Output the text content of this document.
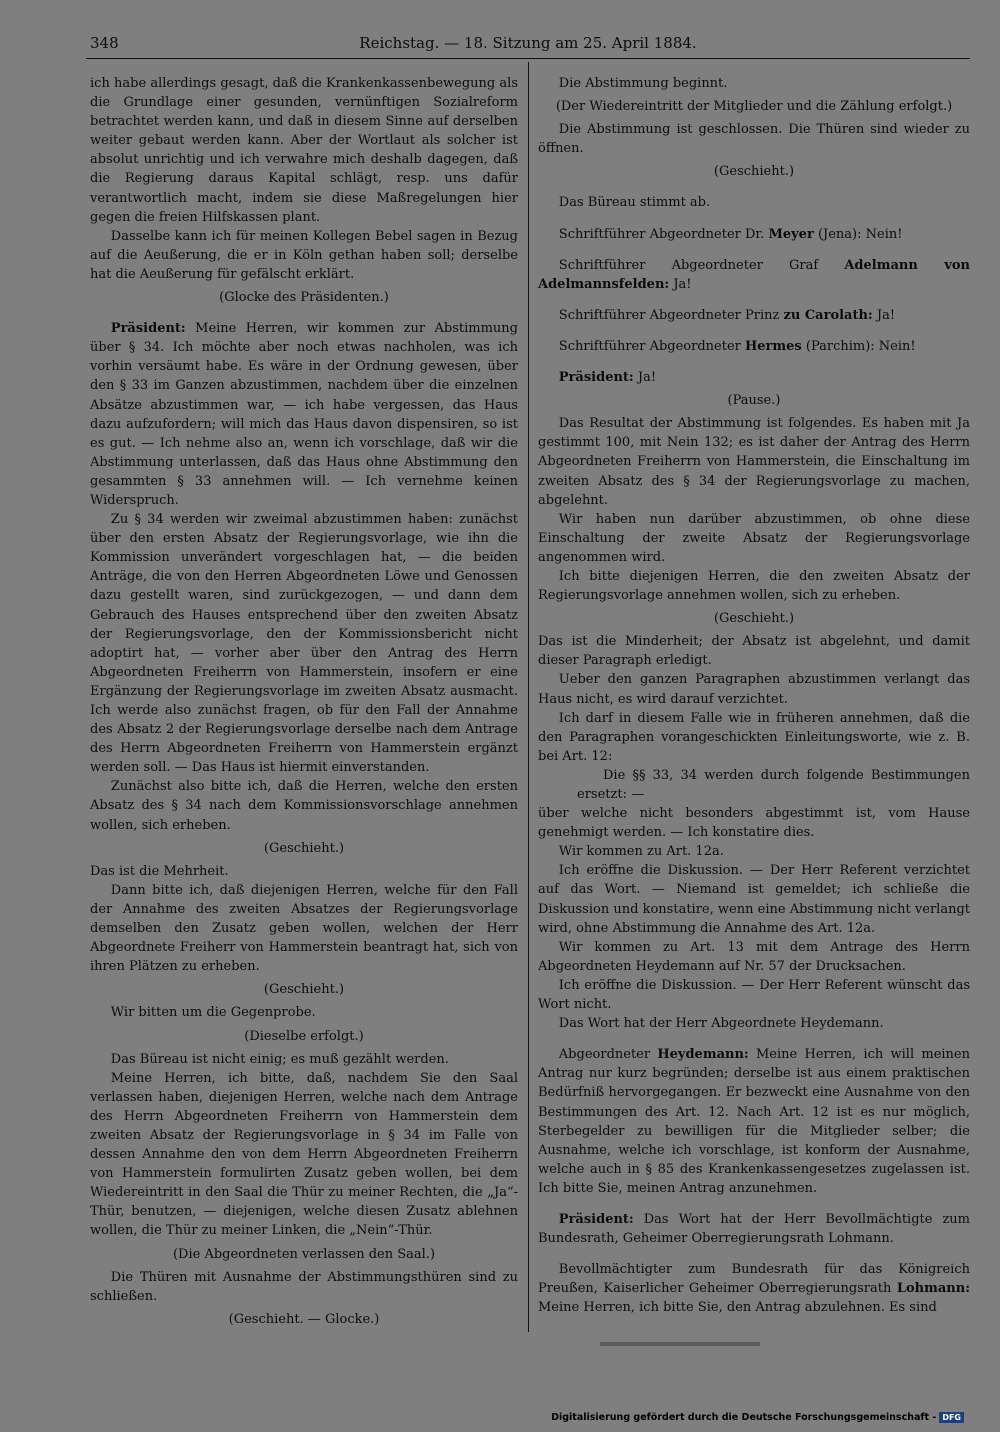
348	Reichstag. — 18. Sitzung am 25. April 1884.

ich habe allerdings gesagt, daß die Krankenkassenbewegung als die Grundlage einer gesunden, vernünftigen Sozialreform betrachtet werden kann, und daß in diesem Sinne auf derselben weiter gebaut werden kann. Aber der Wortlaut als solcher ist absolut unrichtig und ich verwahre mich deshalb dagegen, daß die Regierung daraus Kapital schlägt, resp. uns dafür verantwortlich macht, indem sie diese Maßregelungen hier gegen die freien Hilfskassen plant.

Dasselbe kann ich für meinen Kollegen Bebel sagen in Bezug auf die Aeußerung, die er in Köln gethan haben soll; derselbe hat die Aeußerung für gefälscht erklärt.

(Glocke des Präsidenten.)

Präsident: Meine Herren, wir kommen zur Abstimmung über § 34. Ich möchte aber noch etwas nachholen, was ich vorhin versäumt habe. Es wäre in der Ordnung gewesen, über den § 33 im Ganzen abzustimmen, nachdem über die einzelnen Absätze abzustimmen war, — ich habe vergessen, das Haus dazu aufzufordern; will mich das Haus davon dispensiren, so ist es gut. — Ich nehme also an, wenn ich vorschlage, daß wir die Abstimmung unterlassen, daß das Haus ohne Abstimmung den gesammten § 33 annehmen will. — Ich vernehme keinen Widerspruch.

Zu § 34 werden wir zweimal abzustimmen haben: zunächst über den ersten Absatz der Regierungsvorlage, wie ihn die Kommission unverändert vorgeschlagen hat, — die beiden Anträge, die von den Herren Abgeordneten Löwe und Genossen dazu gestellt waren, sind zurückgezogen, — und dann dem Gebrauch des Hauses entsprechend über den zweiten Absatz der Regierungsvorlage, den der Kommissionsbericht nicht adoptirt hat, — vorher aber über den Antrag des Herrn Abgeordneten Freiherrn von Hammerstein, insofern er eine Ergänzung der Regierungsvorlage im zweiten Absatz ausmacht. Ich werde also zunächst fragen, ob für den Fall der Annahme des Absatz 2 der Regierungsvorlage derselbe nach dem Antrage des Herrn Abgeordneten Freiherrn von Hammerstein ergänzt werden soll. — Das Haus ist hiermit einverstanden.

Zunächst also bitte ich, daß die Herren, welche den ersten Absatz des § 34 nach dem Kommissionsvorschlage annehmen wollen, sich erheben.

(Geschieht.)

Das ist die Mehrheit.

Dann bitte ich, daß diejenigen Herren, welche für den Fall der Annahme des zweiten Absatzes der Regierungsvorlage demselben den Zusatz geben wollen, welchen der Herr Abgeordnete Freiherr von Hammerstein beantragt hat, sich von ihren Plätzen zu erheben.

(Geschieht.)

Wir bitten um die Gegenprobe.

(Dieselbe erfolgt.)

Das Büreau ist nicht einig; es muß gezählt werden.

Meine Herren, ich bitte, daß, nachdem Sie den Saal verlassen haben, diejenigen Herren, welche nach dem Antrage des Herrn Abgeordneten Freiherrn von Hammerstein dem zweiten Absatz der Regierungsvorlage in § 34 im Falle von dessen Annahme den von dem Herrn Abgeordneten Freiherrn von Hammerstein formulirten Zusatz geben wollen, bei dem Wiedereintritt in den Saal die Thür zu meiner Rechten, die „Ja“-Thür, benutzen, — diejenigen, welche diesen Zusatz ablehnen wollen, die Thür zu meiner Linken, die „Nein“-Thür.

(Die Abgeordneten verlassen den Saal.)

Die Thüren mit Ausnahme der Abstimmungsthüren sind zu schließen.

(Geschieht. — Glocke.)

Die Abstimmung beginnt.

(Der Wiedereintritt der Mitglieder und die Zählung erfolgt.)

Die Abstimmung ist geschlossen. Die Thüren sind wieder zu öffnen.

(Geschieht.)

Das Büreau stimmt ab.

Schriftführer Abgeordneter Dr. Meyer (Jena): Nein!

Schriftführer Abgeordneter Graf Adelmann von Adelmannsfelden: Ja!

Schriftführer Abgeordneter Prinz zu Carolath: Ja!

Schriftführer Abgeordneter Hermes (Parchim): Nein!

Präsident: Ja!

(Pause.)

Das Resultat der Abstimmung ist folgendes. Es haben mit Ja gestimmt 100, mit Nein 132; es ist daher der Antrag des Herrn Abgeordneten Freiherrn von Hammerstein, die Einschaltung im zweiten Absatz des § 34 der Regierungsvorlage zu machen, abgelehnt.

Wir haben nun darüber abzustimmen, ob ohne diese Einschaltung der zweite Absatz der Regierungsvorlage angenommen wird.

Ich bitte diejenigen Herren, die den zweiten Absatz der Regierungsvorlage annehmen wollen, sich zu erheben.

(Geschieht.)

Das ist die Minderheit; der Absatz ist abgelehnt, und damit dieser Paragraph erledigt.

Ueber den ganzen Paragraphen abzustimmen verlangt das Haus nicht, es wird darauf verzichtet.

Ich darf in diesem Falle wie in früheren annehmen, daß die den Paragraphen vorangeschickten Einleitungsworte, wie z. B. bei Art. 12:

Die §§ 33, 34 werden durch folgende Bestimmungen ersetzt: —

über welche nicht besonders abgestimmt ist, vom Hause genehmigt werden. — Ich konstatire dies.

Wir kommen zu Art. 12a.

Ich eröffne die Diskussion. — Der Herr Referent verzichtet auf das Wort. — Niemand ist gemeldet; ich schließe die Diskussion und konstatire, wenn eine Abstimmung nicht verlangt wird, ohne Abstimmung die Annahme des Art. 12a.

Wir kommen zu Art. 13 mit dem Antrage des Herrn Abgeordneten Heydemann auf Nr. 57 der Drucksachen.

Ich eröffne die Diskussion. — Der Herr Referent wünscht das Wort nicht.

Das Wort hat der Herr Abgeordnete Heydemann.

Abgeordneter Heydemann: Meine Herren, ich will meinen Antrag nur kurz begründen; derselbe ist aus einem praktischen Bedürfniß hervorgegangen. Er bezweckt eine Ausnahme von den Bestimmungen des Art. 12. Nach Art. 12 ist es nur möglich, Sterbegelder zu bewilligen für die Mitglieder selber; die Ausnahme, welche ich vorschlage, ist konform der Ausnahme, welche auch in § 85 des Krankenkassengesetzes zugelassen ist. Ich bitte Sie, meinen Antrag anzunehmen.

Präsident: Das Wort hat der Herr Bevollmächtigte zum Bundesrath, Geheimer Oberregierungsrath Lohmann.

Bevollmächtigter zum Bundesrath für das Königreich Preußen, Kaiserlicher Geheimer Oberregierungsrath Lohmann: Meine Herren, ich bitte Sie, den Antrag abzulehnen. Es sind

Digitalisierung gefördert durch die Deutsche Forschungsgemeinschaft - DFG
